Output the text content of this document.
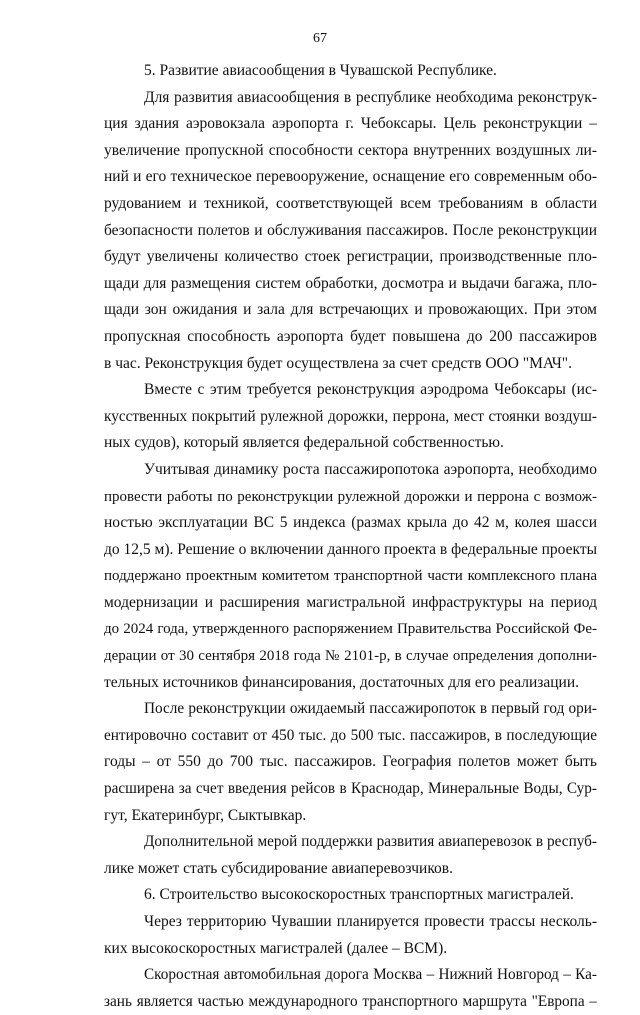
67
5. Развитие авиасообщения в Чувашской Республике.
Для развития авиасообщения в республике необходима реконструк-
ция здания аэровокзала аэропорта г. Чебоксары. Цель реконструкции –
увеличение пропускной способности сектора внутренних воздушных ли-
ний и его техническое перевооружение, оснащение его современным обо-
рудованием и техникой, соответствующей всем требованиям в области
безопасности полетов и обслуживания пассажиров. После реконструкции
будут увеличены количество стоек регистрации, производственные пло-
щади для размещения систем обработки, досмотра и выдачи багажа, пло-
щади зон ожидания и зала для встречающих и провожающих. При этом
пропускная способность аэропорта будет повышена до 200 пассажиров
в час. Реконструкция будет осуществлена за счет средств ООО "МАЧ".
Вместе с этим требуется реконструкция аэродрома Чебоксары (ис-
кусственных покрытий рулежной дорожки, перрона, мест стоянки воздуш-
ных судов), который является федеральной собственностью.
Учитывая динамику роста пассажиропотока аэропорта, необходимо
провести работы по реконструкции рулежной дорожки и перрона с возмож-
ностью эксплуатации ВС 5 индекса (размах крыла до 42 м, колея шасси
до 12,5 м). Решение о включении данного проекта в федеральные проекты
поддержано проектным комитетом транспортной части комплексного плана
модернизации и расширения магистральной инфраструктуры на период
до 2024 года, утвержденного распоряжением Правительства Российской Фе-
дерации от 30 сентября 2018 года № 2101-р, в случае определения дополни-
тельных источников финансирования, достаточных для его реализации.
После реконструкции ожидаемый пассажиропоток в первый год ори-
ентировочно составит от 450 тыс. до 500 тыс. пассажиров, в последующие
годы – от 550 до 700 тыс. пассажиров. География полетов может быть
расширена за счет введения рейсов в Краснодар, Минеральные Воды, Сур-
гут, Екатеринбург, Сыктывкар.
Дополнительной мерой поддержки развития авиаперевозок в респуб-
лике может стать субсидирование авиаперевозчиков.
6. Строительство высокоскоростных транспортных магистралей.
Через территорию Чувашии планируется провести трассы несколь-
ких высокоскоростных магистралей (далее – ВСМ).
Скоростная автомобильная дорога Москва – Нижний Новгород – Ка-
зань является частью международного транспортного маршрута "Европа –
